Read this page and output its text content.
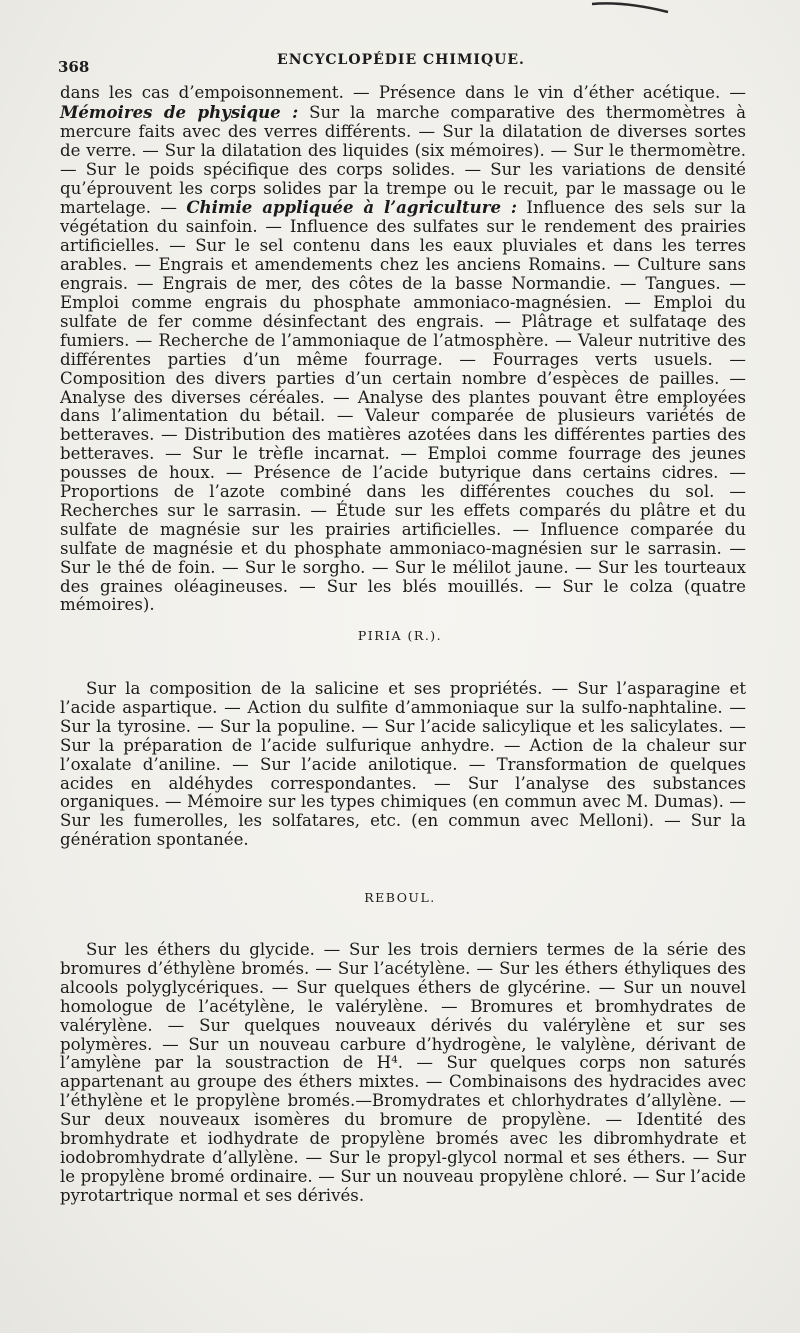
368	ENCYCLOPÉDIE CHIMIQUE.

dans les cas d’empoisonnement. — Présence dans le vin d’éther acétique. — Mémoires de physique : Sur la marche comparative des thermomètres à mercure faits avec des verres différents. — Sur la dilatation de diverses sortes de verre. — Sur la dilatation des liquides (six mémoires). — Sur le thermomètre. — Sur le poids spécifique des corps solides. — Sur les variations de densité qu’éprouvent les corps solides par la trempe ou le recuit, par le massage ou le martelage. — Chimie appliquée à l’agriculture : Influence des sels sur la végétation du sainfoin. — Influence des sulfates sur le rendement des prairies artificielles. — Sur le sel contenu dans les eaux pluviales et dans les terres arables. — Engrais et amendements chez les anciens Romains. — Culture sans engrais. — Engrais de mer, des côtes de la basse Normandie. — Tangues. — Emploi comme engrais du phosphate ammoniaco-magnésien. — Emploi du sulfate de fer comme désinfectant des engrais. — Plâtrage et sulfataqe des fumiers. — Recherche de l’ammoniaque de l’atmosphère. — Valeur nutritive des différentes parties d’un même fourrage. — Fourrages verts usuels. — Composition des divers parties d’un certain nombre d’espèces de pailles. — Analyse des diverses céréales. — Analyse des plantes pouvant être employées dans l’alimentation du bétail. — Valeur comparée de plusieurs variétés de betteraves. — Distribution des matières azotées dans les différentes parties des betteraves. — Sur le trèfle incarnat. — Emploi comme fourrage des jeunes pousses de houx. — Présence de l’acide butyrique dans certains cidres. — Proportions de l’azote combiné dans les différentes couches du sol. — Recherches sur le sarrasin. — Étude sur les effets comparés du plâtre et du sulfate de magnésie sur les prairies artificielles. — Influence comparée du sulfate de magnésie et du phosphate ammoniaco-magnésien sur le sarrasin. — Sur le thé de foin. — Sur le sorgho. — Sur le mélilot jaune. — Sur les tourteaux des graines oléagineuses. — Sur les blés mouillés. — Sur le colza (quatre mémoires).

PIRIA (R.).

Sur la composition de la salicine et ses propriétés. — Sur l’asparagine et l’acide aspartique. — Action du sulfite d’ammoniaque sur la sulfo-naphtaline. — Sur la tyrosine. — Sur la populine. — Sur l’acide salicylique et les salicylates. — Sur la préparation de l’acide sulfurique anhydre. — Action de la chaleur sur l’oxalate d’aniline. — Sur l’acide anilotique. — Transformation de quelques acides en aldéhydes correspondantes. — Sur l’analyse des substances organiques. — Mémoire sur les types chimiques (en commun avec M. Dumas). — Sur les fumerolles, les solfatares, etc. (en commun avec Melloni). — Sur la génération spontanée.

REBOUL.

Sur les éthers du glycide. — Sur les trois derniers termes de la série des bromures d’éthylène bromés. — Sur l’acétylène. — Sur les éthers éthyliques des alcools polyglycériques. — Sur quelques éthers de glycérine. — Sur un nouvel homologue de l’acétylène, le valérylène. — Bromures et bromhydrates de valérylène. — Sur quelques nouveaux dérivés du valérylène et sur ses polymères. — Sur un nouveau carbure d’hydrogène, le valylène, dérivant de l’amylène par la soustraction de H⁴. — Sur quelques corps non saturés appartenant au groupe des éthers mixtes. — Combinaisons des hydracides avec l’éthylène et le propylène bromés.—Bromydrates et chlorhydrates d’allylène. — Sur deux nouveaux isomères du bromure de propylène. — Identité des bromhydrate et iodhydrate de propylène bromés avec les dibromhydrate et iodobromhydrate d’allylène. — Sur le propyl-glycol normal et ses éthers. — Sur le propylène bromé ordinaire. — Sur un nouveau propylène chloré. — Sur l’acide pyrotartrique normal et ses dérivés.
